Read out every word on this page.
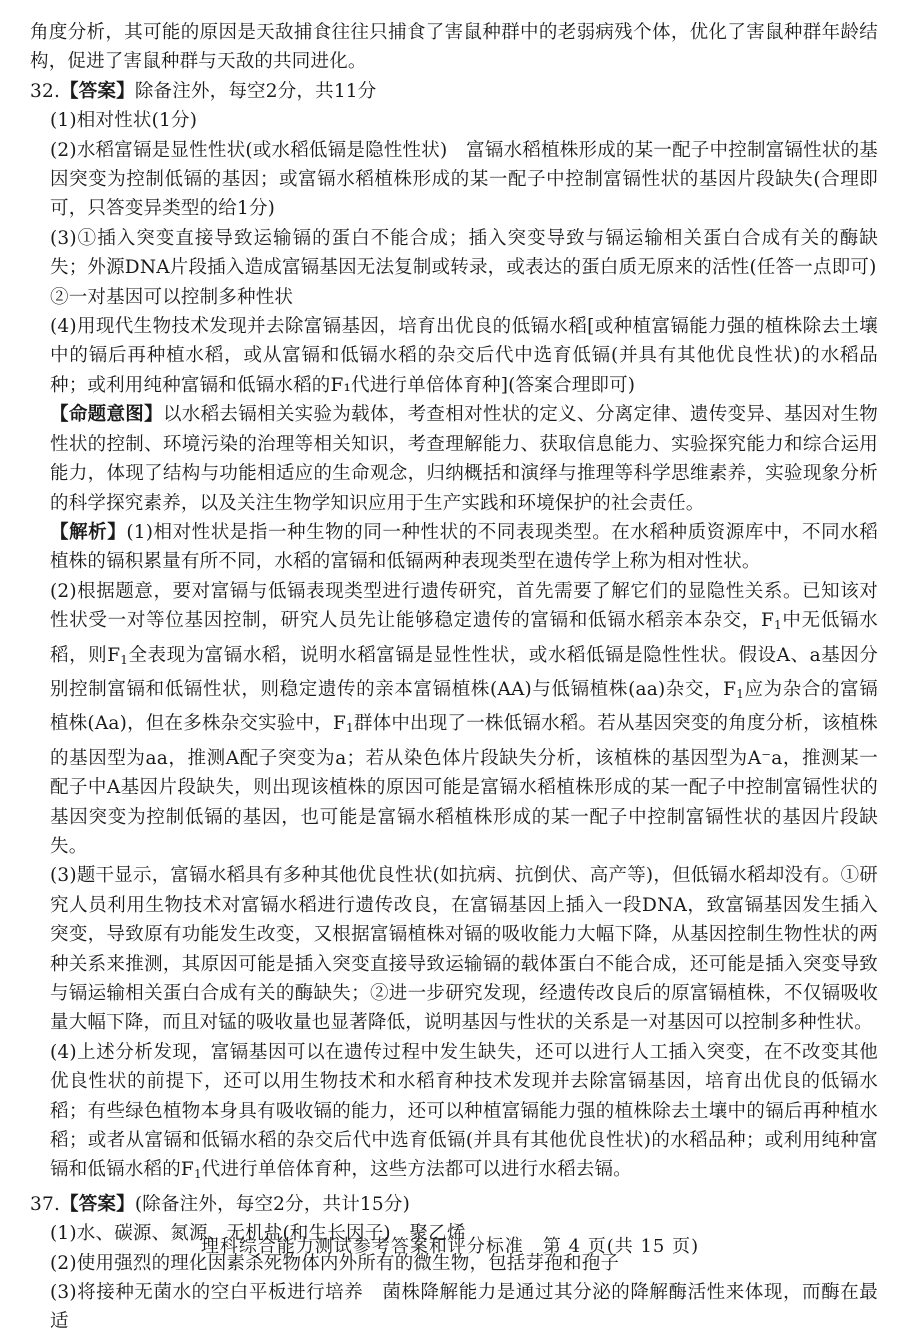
角度分析，其可能的原因是天敌捕食往往只捕食了害鼠种群中的老弱病残个体，优化了害鼠种群年龄结构，促进了害鼠种群与天敌的共同进化。

32.【答案】除备注外，每空2分，共11分

(1)相对性状(1分)

(2)水稻富镉是显性性状(或水稻低镉是隐性性状)　富镉水稻植株形成的某一配子中控制富镉性状的基因突变为控制低镉的基因；或富镉水稻植株形成的某一配子中控制富镉性状的基因片段缺失(合理即可，只答变异类型的给1分)

(3)①插入突变直接导致运输镉的蛋白不能合成；插入突变导致与镉运输相关蛋白合成有关的酶缺失；外源DNA片段插入造成富镉基因无法复制或转录，或表达的蛋白质无原来的活性(任答一点即可)

②一对基因可以控制多种性状

(4)用现代生物技术发现并去除富镉基因，培育出优良的低镉水稻[或种植富镉能力强的植株除去土壤中的镉后再种植水稻，或从富镉和低镉水稻的杂交后代中选育低镉(并具有其他优良性状)的水稻品种；或利用纯种富镉和低镉水稻的F₁代进行单倍体育种](答案合理即可)

【命题意图】以水稻去镉相关实验为载体，考查相对性状的定义、分离定律、遗传变异、基因对生物性状的控制、环境污染的治理等相关知识，考查理解能力、获取信息能力、实验探究能力和综合运用能力，体现了结构与功能相适应的生命观念，归纳概括和演绎与推理等科学思维素养，实验现象分析的科学探究素养，以及关注生物学知识应用于生产实践和环境保护的社会责任。

【解析】(1)相对性状是指一种生物的同一种性状的不同表现类型。在水稻种质资源库中，不同水稻植株的镉积累量有所不同，水稻的富镉和低镉两种表现类型在遗传学上称为相对性状。

(2)根据题意，要对富镉与低镉表现类型进行遗传研究，首先需要了解它们的显隐性关系。已知该对性状受一对等位基因控制，研究人员先让能够稳定遗传的富镉和低镉水稻亲本杂交，$F_1$中无低镉水稻，则$F_1$全表现为富镉水稻，说明水稻富镉是显性性状，或水稻低镉是隐性性状。假设A、a基因分别控制富镉和低镉性状，则稳定遗传的亲本富镉植株(AA)与低镉植株(aa)杂交，$F_1$应为杂合的富镉植株(Aa)，但在多株杂交实验中，$F_1$群体中出现了一株低镉水稻。若从基因突变的角度分析，该植株的基因型为aa，推测A配子突变为a；若从染色体片段缺失分析，该植株的基因型为A⁻a，推测某一配子中A基因片段缺失，则出现该植株的原因可能是富镉水稻植株形成的某一配子中控制富镉性状的基因突变为控制低镉的基因，也可能是富镉水稻植株形成的某一配子中控制富镉性状的基因片段缺失。

(3)题干显示，富镉水稻具有多种其他优良性状(如抗病、抗倒伏、高产等)，但低镉水稻却没有。①研究人员利用生物技术对富镉水稻进行遗传改良，在富镉基因上插入一段DNA，致富镉基因发生插入突变，导致原有功能发生改变，又根据富镉植株对镉的吸收能力大幅下降，从基因控制生物性状的两种关系来推测，其原因可能是插入突变直接导致运输镉的载体蛋白不能合成，还可能是插入突变导致与镉运输相关蛋白合成有关的酶缺失；②进一步研究发现，经遗传改良后的原富镉植株，不仅镉吸收量大幅下降，而且对锰的吸收量也显著降低，说明基因与性状的关系是一对基因可以控制多种性状。

(4)上述分析发现，富镉基因可以在遗传过程中发生缺失，还可以进行人工插入突变，在不改变其他优良性状的前提下，还可以用生物技术和水稻育种技术发现并去除富镉基因，培育出优良的低镉水稻；有些绿色植物本身具有吸收镉的能力，还可以种植富镉能力强的植株除去土壤中的镉后再种植水稻；或者从富镉和低镉水稻的杂交后代中选育低镉(并具有其他优良性状)的水稻品种；或利用纯种富镉和低镉水稻的$F_1$代进行单倍体育种，这些方法都可以进行水稻去镉。

37.【答案】(除备注外，每空2分，共计15分)

(1)水、碳源、氮源、无机盐(和生长因子)　聚乙烯

(2)使用强烈的理化因素杀死物体内外所有的微生物，包括芽孢和孢子

(3)将接种无菌水的空白平板进行培养　菌株降解能力是通过其分泌的降解酶活性来体现，而酶在最适

理科综合能力测试参考答案和评分标准　第 4 页(共 15 页)
